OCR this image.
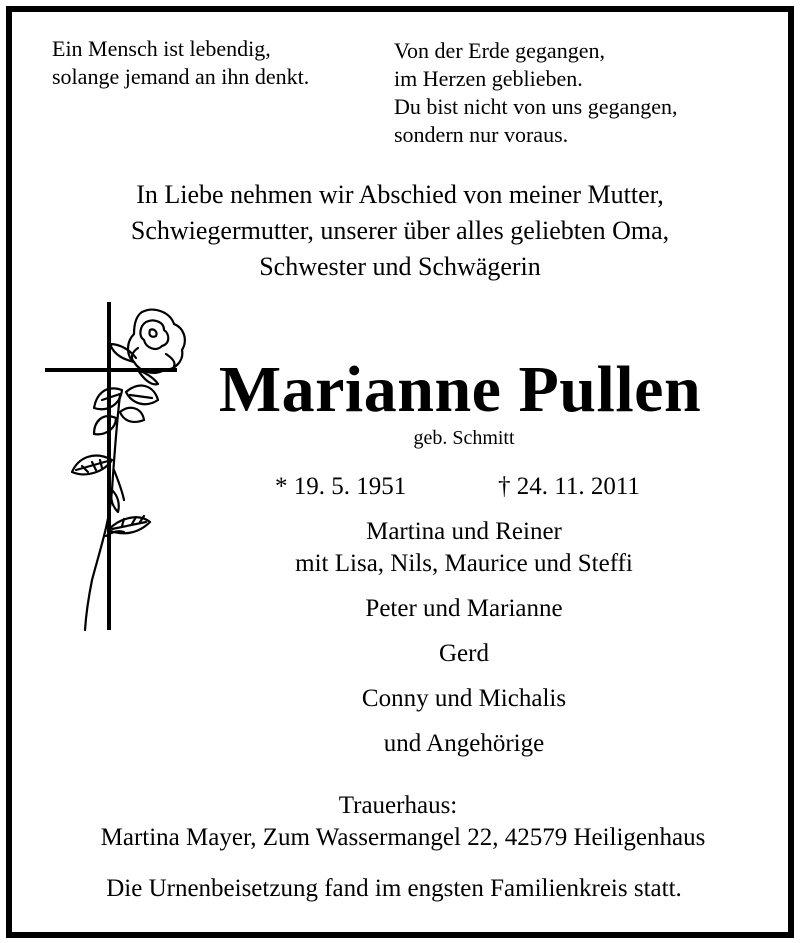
Ein Mensch ist lebendig,
solange jemand an ihn denkt.
Von der Erde gegangen,
im Herzen geblieben.
Du bist nicht von uns gegangen,
sondern nur voraus.
In Liebe nehmen wir Abschied von meiner Mutter,
Schwiegermutter, unserer über alles geliebten Oma,
Schwester und Schwägerin
Marianne Pullen
geb. Schmitt
* 19. 5. 1951	† 24. 11. 2011
Martina und Reiner
mit Lisa, Nils, Maurice und Steffi
Peter und Marianne
Gerd
Conny und Michalis
und Angehörige
Trauerhaus:
Martina Mayer, Zum Wassermangel 22, 42579 Heiligenhaus
Die Urnenbeisetzung fand im engsten Familienkreis statt.
